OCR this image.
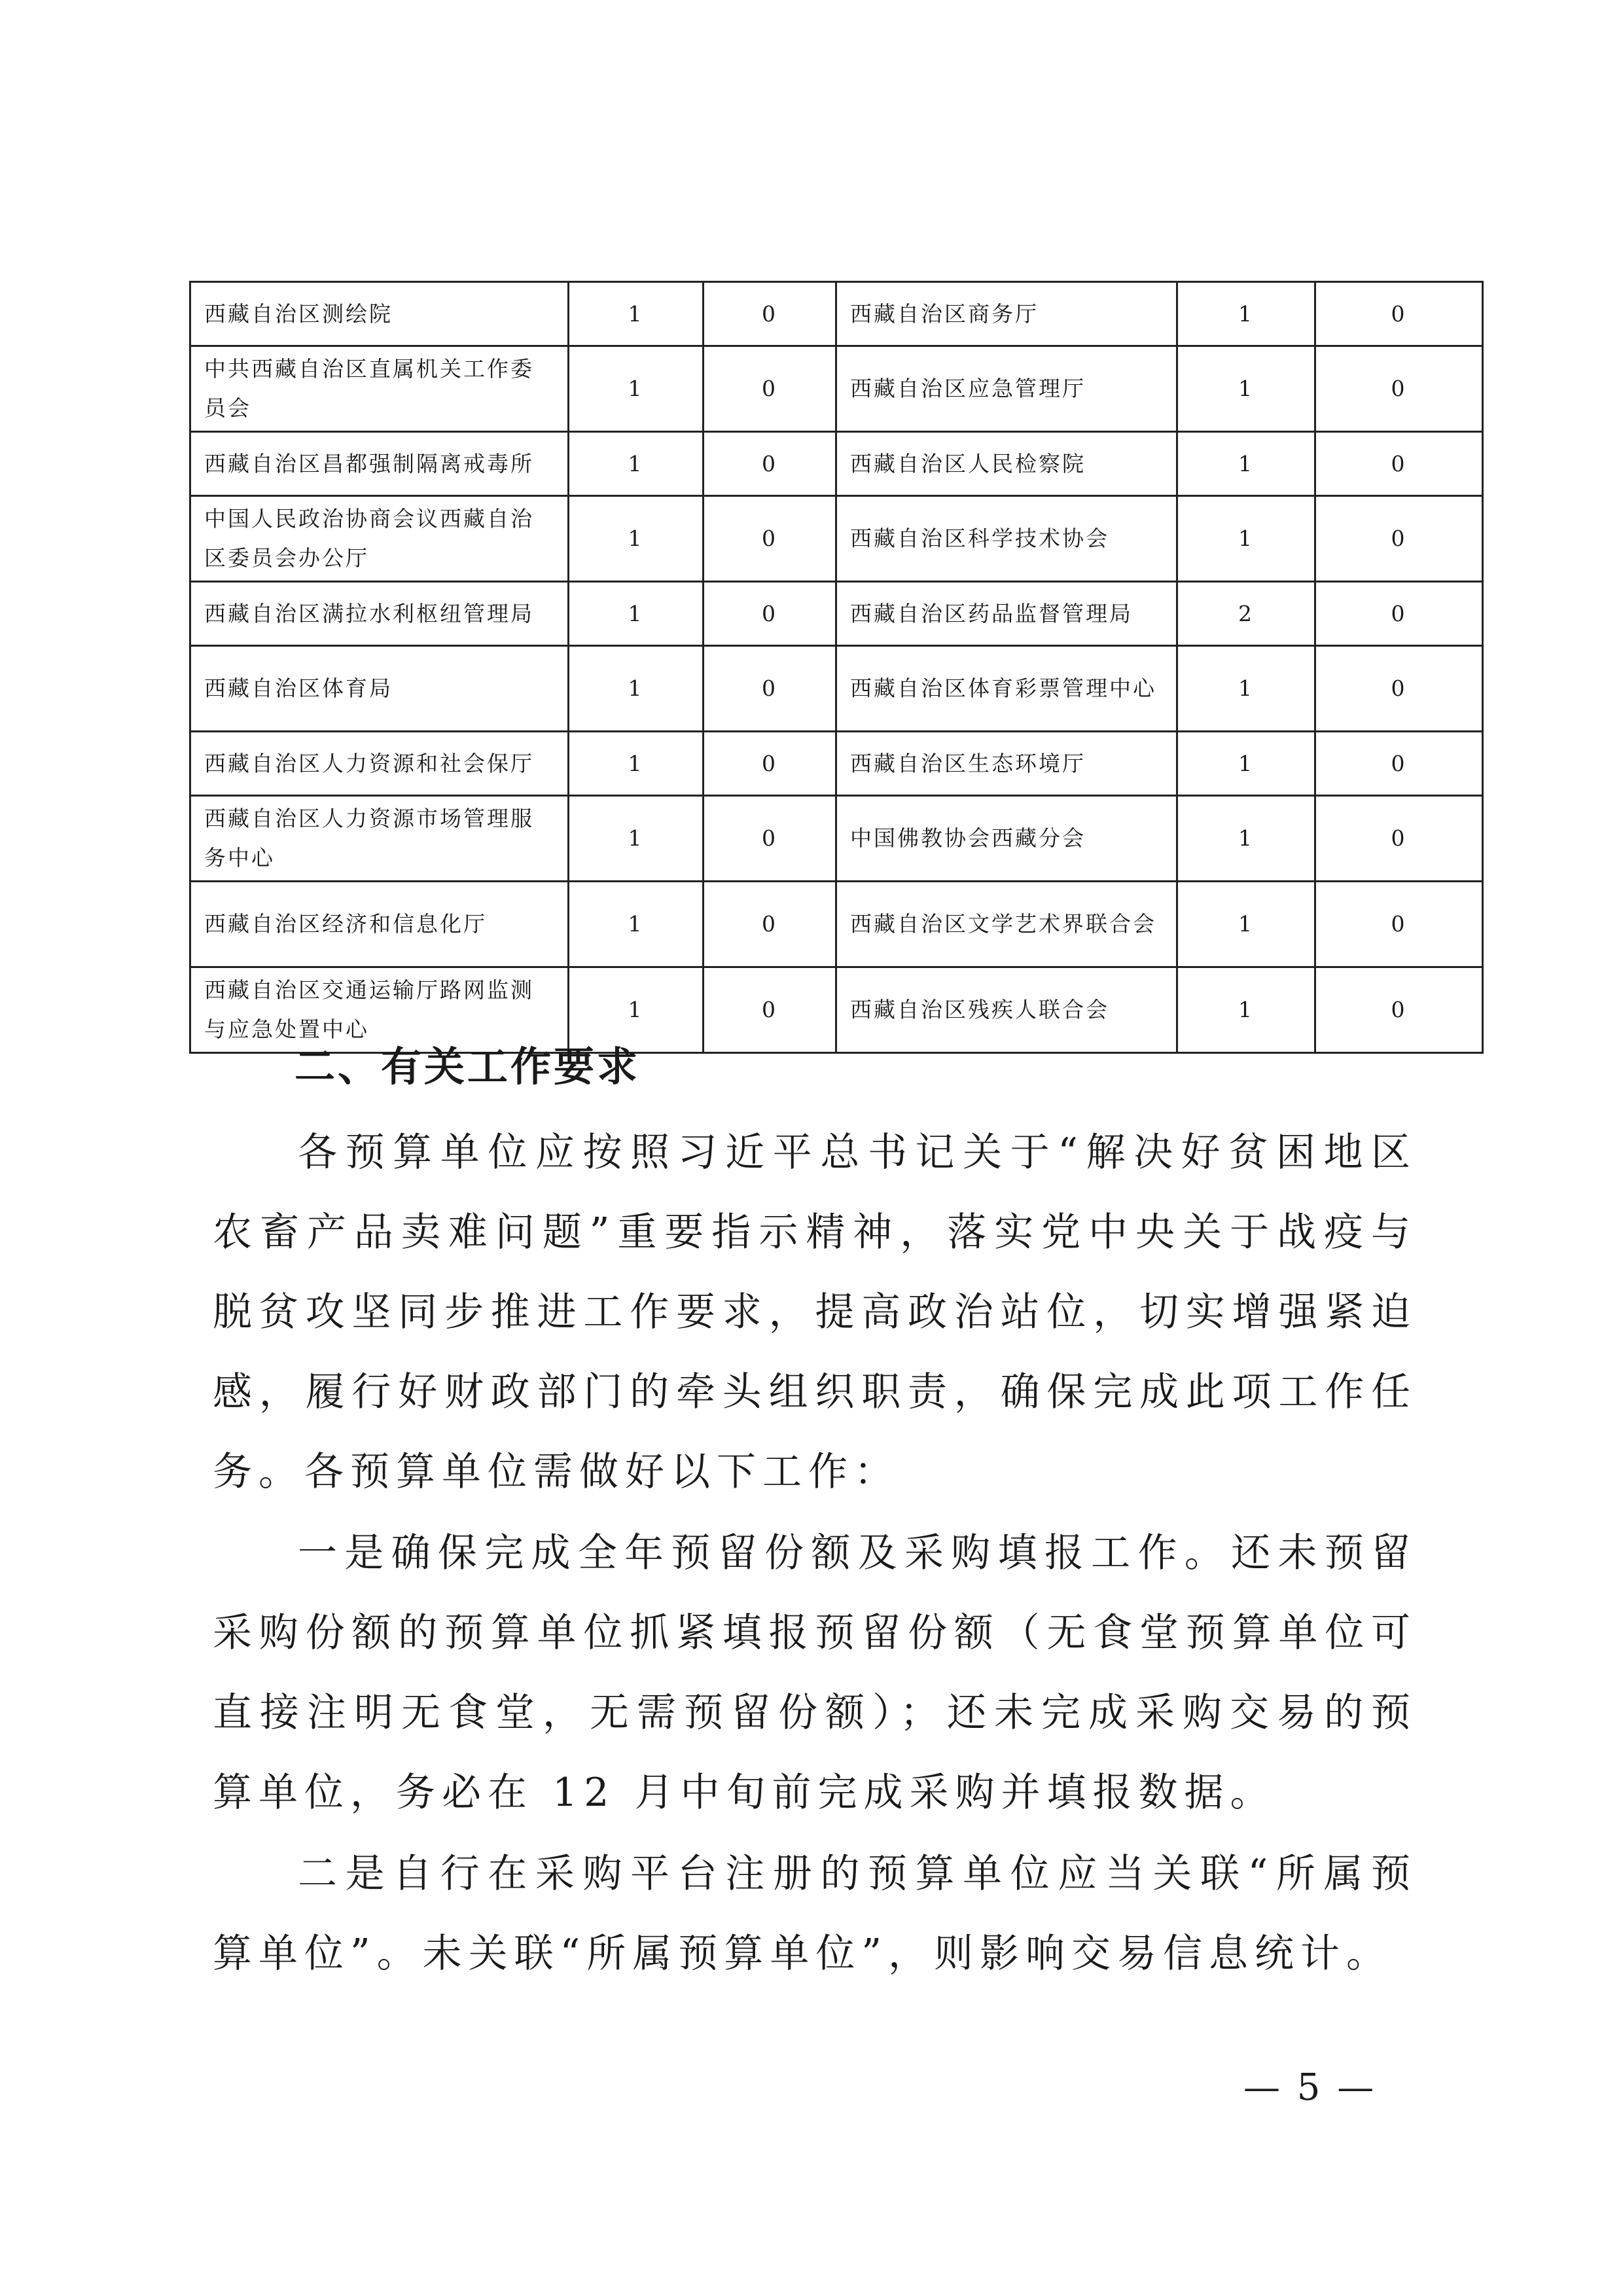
西藏自治区测绘院	1	0	西藏自治区商务厅	1	0
中共西藏自治区直属机关工作委员会	1	0	西藏自治区应急管理厅	1	0
西藏自治区昌都强制隔离戒毒所	1	0	西藏自治区人民检察院	1	0
中国人民政治协商会议西藏自治区委员会办公厅	1	0	西藏自治区科学技术协会	1	0
西藏自治区满拉水利枢纽管理局	1	0	西藏自治区药品监督管理局	2	0
西藏自治区体育局	1	0	西藏自治区体育彩票管理中心	1	0
西藏自治区人力资源和社会保厅	1	0	西藏自治区生态环境厅	1	0
西藏自治区人力资源市场管理服务中心	1	0	中国佛教协会西藏分会	1	0
西藏自治区经济和信息化厅	1	0	西藏自治区文学艺术界联合会	1	0
西藏自治区交通运输厅路网监测与应急处置中心	1	0	西藏自治区残疾人联合会	1	0
二、有关工作要求

各预算单位应按照习近平总书记关于“解决好贫困地区农畜产品卖难问题”重要指示精神，落实党中央关于战疫与脱贫攻坚同步推进工作要求，提高政治站位，切实增强紧迫感，履行好财政部门的牵头组织职责，确保完成此项工作任务。各预算单位需做好以下工作：

一是确保完成全年预留份额及采购填报工作。还未预留采购份额的预算单位抓紧填报预留份额（无食堂预算单位可直接注明无食堂，无需预留份额）；还未完成采购交易的预算单位，务必在 12 月中旬前完成采购并填报数据。

二是自行在采购平台注册的预算单位应当关联“所属预算单位”。未关联“所属预算单位”，则影响交易信息统计。

— 5 —
